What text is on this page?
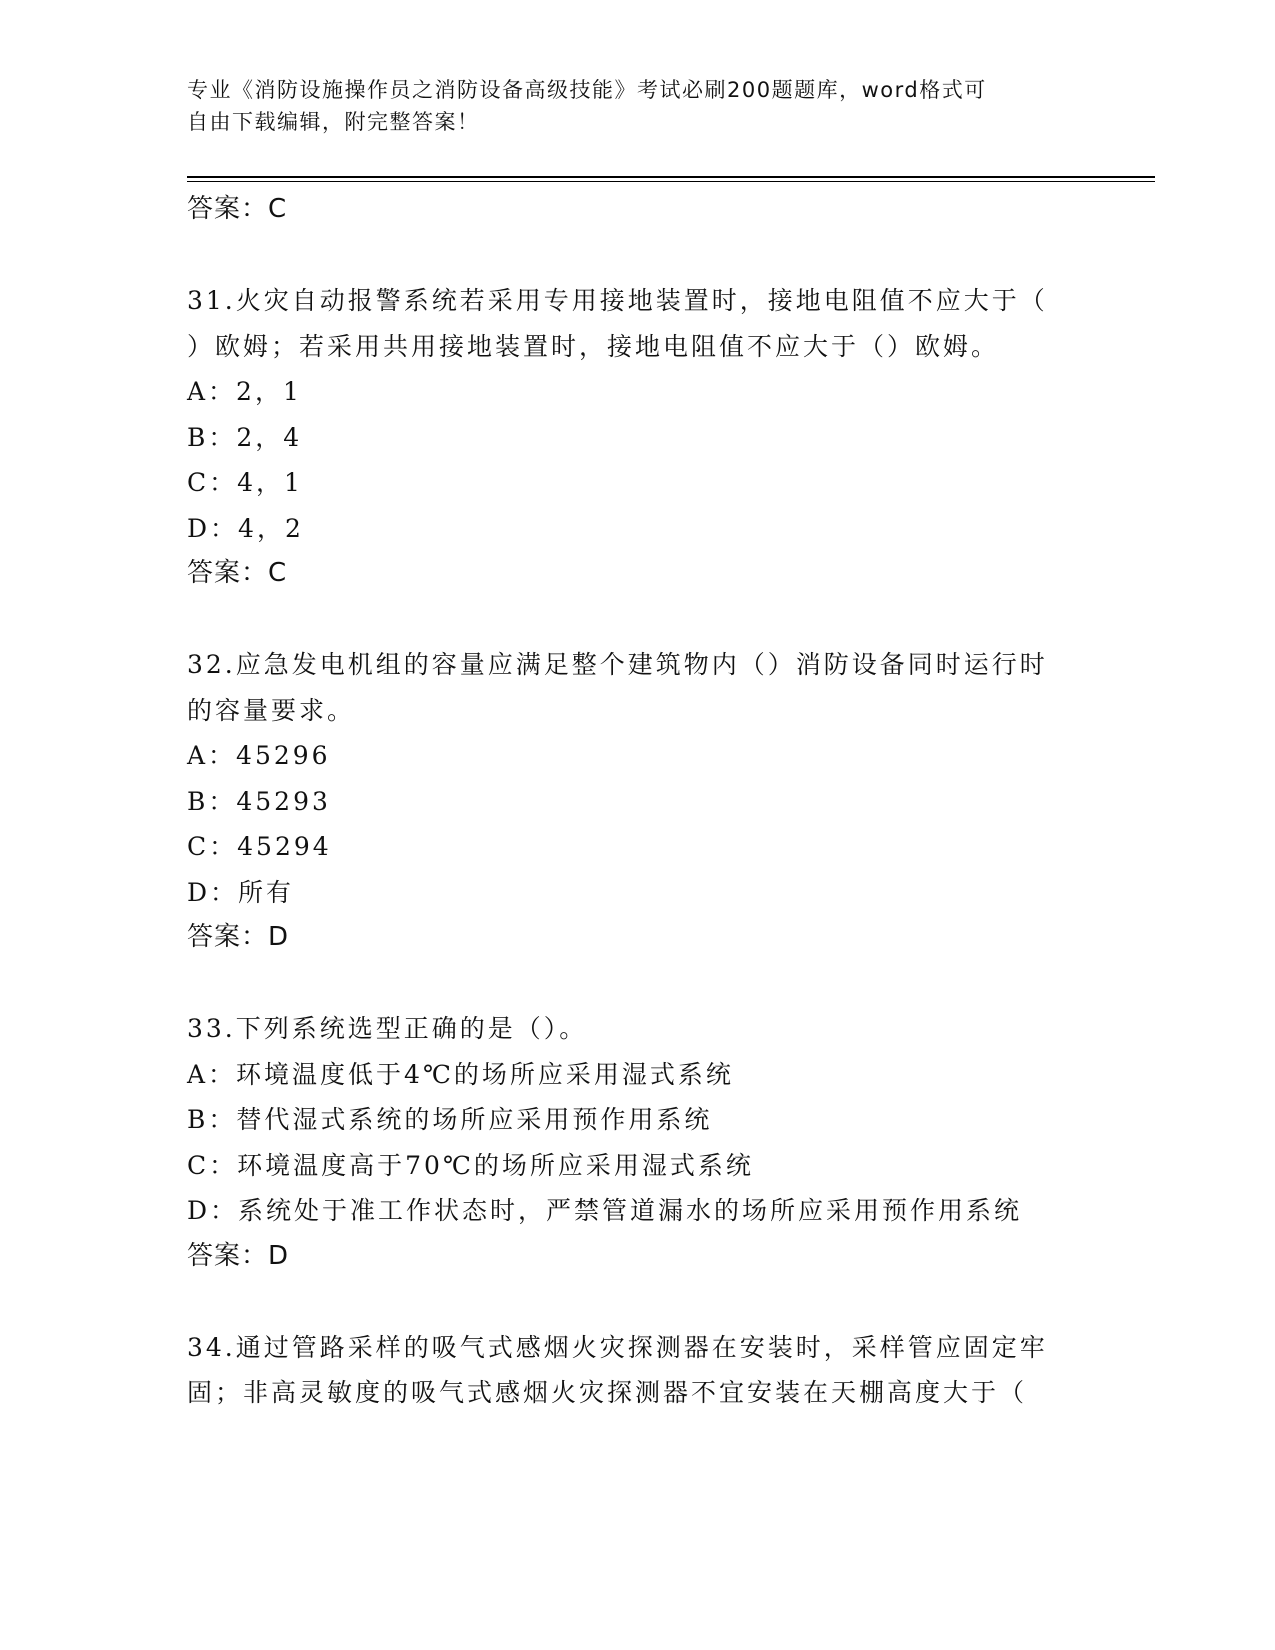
专业《消防设施操作员之消防设备高级技能》考试必刷200题题库，word格式可
自由下载编辑，附完整答案！
答案：C
31.火灾自动报警系统若采用专用接地装置时，接地电阻值不应大于（
）欧姆；若采用共用接地装置时，接地电阻值不应大于（）欧姆。
A：2，1
B：2，4
C：4，1
D：4，2
答案：C
32.应急发电机组的容量应满足整个建筑物内（）消防设备同时运行时
的容量要求。
A：45296
B：45293
C：45294
D：所有
答案：D
33.下列系统选型正确的是（）。
A：环境温度低于4℃的场所应采用湿式系统
B：替代湿式系统的场所应采用预作用系统
C：环境温度高于70℃的场所应采用湿式系统
D：系统处于准工作状态时，严禁管道漏水的场所应采用预作用系统
答案：D
34.通过管路采样的吸气式感烟火灾探测器在安装时，采样管应固定牢
固；非高灵敏度的吸气式感烟火灾探测器不宜安装在天棚高度大于（
